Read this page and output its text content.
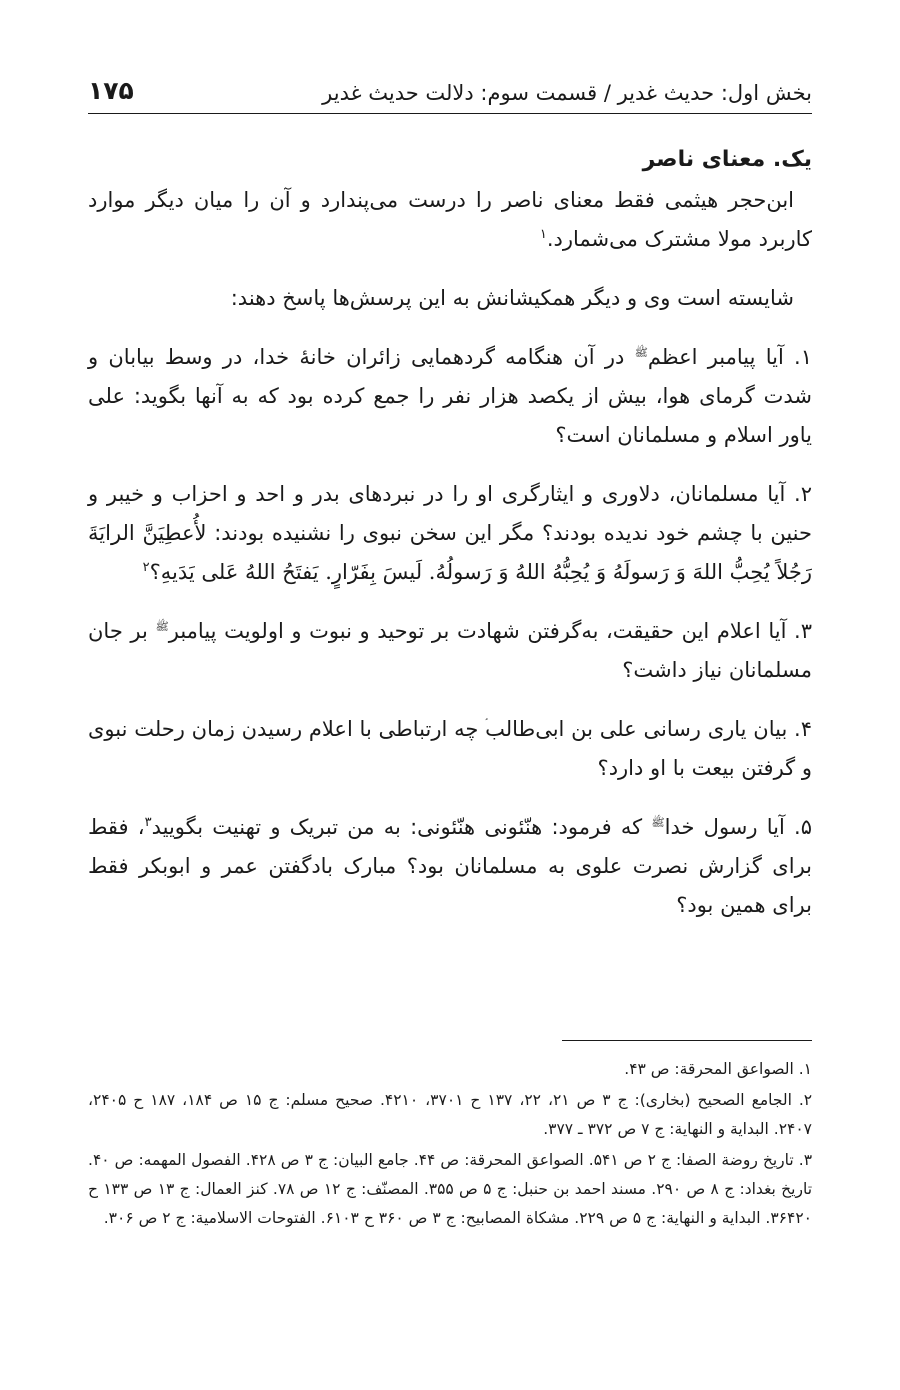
بخش اول: حدیث غدیر / قسمت سوم: دلالت حدیث غدیر
۱۷۵

یک. معنای ناصر

ابن‌حجر هیثمی فقط معنای ناصر را درست می‌پندارد و آن را میان دیگر موارد کاربرد مولا مشترک می‌شمارد.$^۱$

شایسته است وی و دیگر همکیشانش به این پرسش‌ها پاسخ دهند:

۱. آیا پیامبر اعظم$^ﷺ$ در آن هنگامه گردهمایی زائران خانهٔ خدا، در وسط بیابان و شدت گرمای هوا، بیش از یکصد هزار نفر را جمع کرده بود که به آنها بگوید: علی یاور اسلام و مسلمانان است؟

۲. آیا مسلمانان، دلاوری و ایثارگری او را در نبردهای بدر و احد و احزاب و خیبر و حنین با چشم خود ندیده بودند؟ مگر این سخن نبوی را نشنیده بودند: لأُعطِیَنَّ الرایَةَ رَجُلاً یُحِبُّ اللهَ وَ رَسولَهُ وَ یُحِبُّهُ اللهُ وَ رَسولُهُ. لَیسَ بِفَرّارٍ. یَفتَحُ اللهُ عَلی یَدَیهِ؟$^۲$

۳. آیا اعلام این حقیقت، به‌گرفتن شهادت بر توحید و نبوت و اولویت پیامبر$^ﷺ$ بر جان مسلمانان نیاز داشت؟

۴. بیان یاری رسانی علی بن ابی‌طالب چه ارتباطی با اعلام رسیدن زمان رحلت نبوی و گرفتن بیعت با او دارد؟

۵. آیا رسول خدا$^ﷺ$ که فرمود: هنّئونی هنّئونی: به من تبریک و تهنیت بگویید$^۳$، فقط برای گزارش نصرت علوی به مسلمانان بود؟ مبارک بادگفتن عمر و ابوبکر فقط برای همین بود؟

۱. الصواعق المحرقة: ص ۴۳.

۲. الجامع الصحیح (بخاری): ج ۳ ص ۲۱، ۲۲، ۱۳۷ ح ۳۷۰۱، ۴۲۱۰. صحیح مسلم: ج ۱۵ ص ۱۸۴، ۱۸۷ ح ۲۴۰۵، ۲۴۰۷. البدایة و النهایة: ج ۷ ص ۳۷۲ ـ ۳۷۷.

۳. تاریخ روضة الصفا: ج ۲ ص ۵۴۱. الصواعق المحرقة: ص ۴۴. جامع البیان: ج ۳ ص ۴۲۸. الفصول المهمه: ص ۴۰. تاریخ بغداد: ج ۸ ص ۲۹۰. مسند احمد بن حنبل: ج ۵ ص ۳۵۵. المصنّف: ج ۱۲ ص ۷۸. کنز العمال: ج ۱۳ ص ۱۳۳ ح ۳۶۴۲۰. البدایة و النهایة: ج ۵ ص ۲۲۹. مشکاة المصابیح: ج ۳ ص ۳۶۰ ح ۶۱۰۳. الفتوحات الاسلامیة: ج ۲ ص ۳۰۶.
